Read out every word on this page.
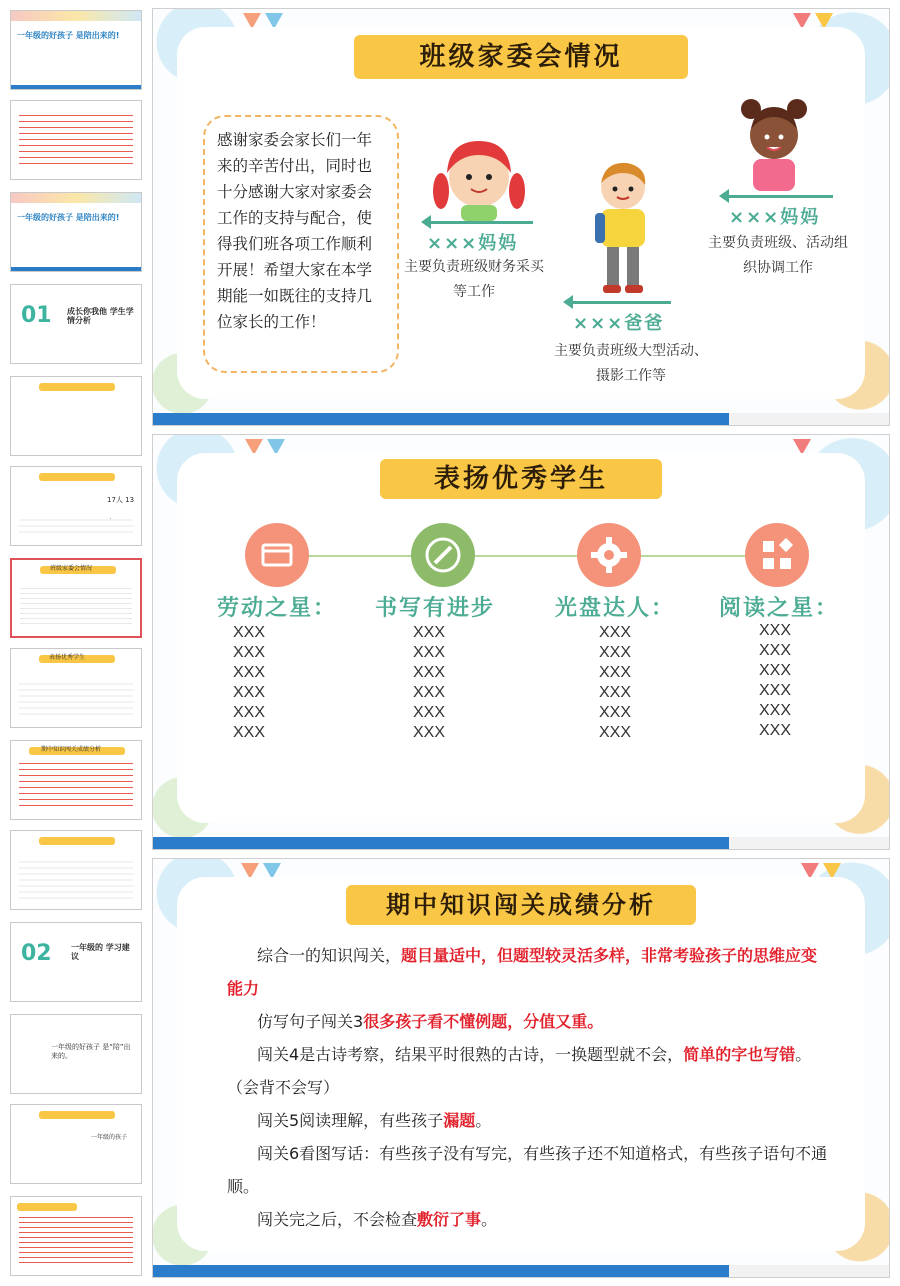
一年级的好孩子 是陪出来的!
一年级的好孩子 是陪出来的!
01 成长你我他 学生学情分析
17人 13
班级家委会情况
表扬优秀学生
期中知识闯关成绩分析
02 一年级的 学习建议
一年级的好孩子 是“陪”出来的。
一年级的孩子
班级家委会情况
感谢家委会家长们一年来的辛苦付出，同时也十分感谢大家对家委会工作的支持与配合，使得我们班各项工作顺利开展！希望大家在本学期能一如既往的支持几位家长的工作！
×××妈妈
主要负责班级财务采买等工作
×××爸爸
主要负责班级大型活动、摄影工作等
×××妈妈
主要负责班级、活动组织协调工作
表扬优秀学生
劳动之星： 书写有进步	光盘达人： 阅读之星：
XXX
XXX
XXX
XXX
XXX
XXX
XXX
XXX
XXX
XXX
XXX
XXX
XXX
XXX
XXX
XXX
XXX
XXX
XXX
XXX
XXX
XXX
XXX
XXX
期中知识闯关成绩分析

综合一的知识闯关，题目量适中，但题型较灵活多样，非常考验孩子的思维应变能力

仿写句子闯关3很多孩子看不懂例题，分值又重。

闯关4是古诗考察，结果平时很熟的古诗，一换题型就不会，简单的字也写错。（会背不会写）

闯关5阅读理解，有些孩子漏题。

闯关6看图写话：有些孩子没有写完，有些孩子还不知道格式，有些孩子语句不通顺。

闯关完之后，不会检查敷衍了事。
